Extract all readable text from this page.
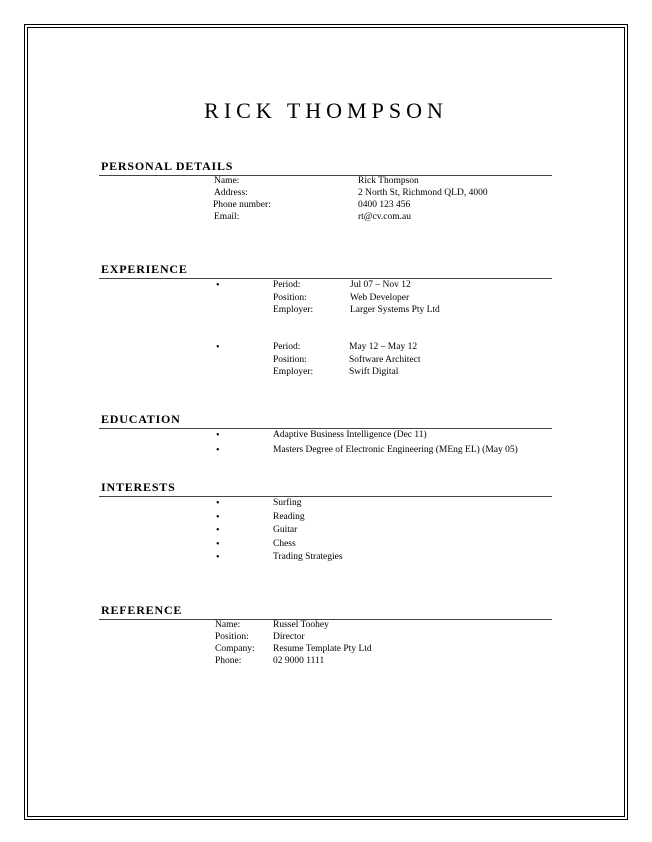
RICK THOMPSON
PERSONAL DETAILS
Name:	Rick Thompson
Address:	2 North St, Richmond QLD, 4000
Phone number:	0400 123 456
Email:	rt@cv.com.au
EXPERIENCE
•	Period:	Jul 07 – Nov 12
Position:	Web Developer
Employer:	Larger Systems Pty Ltd
•	Period:	May 12 – May 12
Position:	Software Architect
Employer:	Swift Digital
EDUCATION
•	Adaptive Business Intelligence (Dec 11)
•	Masters Degree of Electronic Engineering (MEng EL) (May 05)
INTERESTS
•	Surfing
•	Reading
•	Guitar
•	Chess
•	Trading Strategies
REFERENCE
Name:	Russel Toohey
Position:	Director
Company: Resume Template Pty Ltd
Phone:	02 9000 1111
